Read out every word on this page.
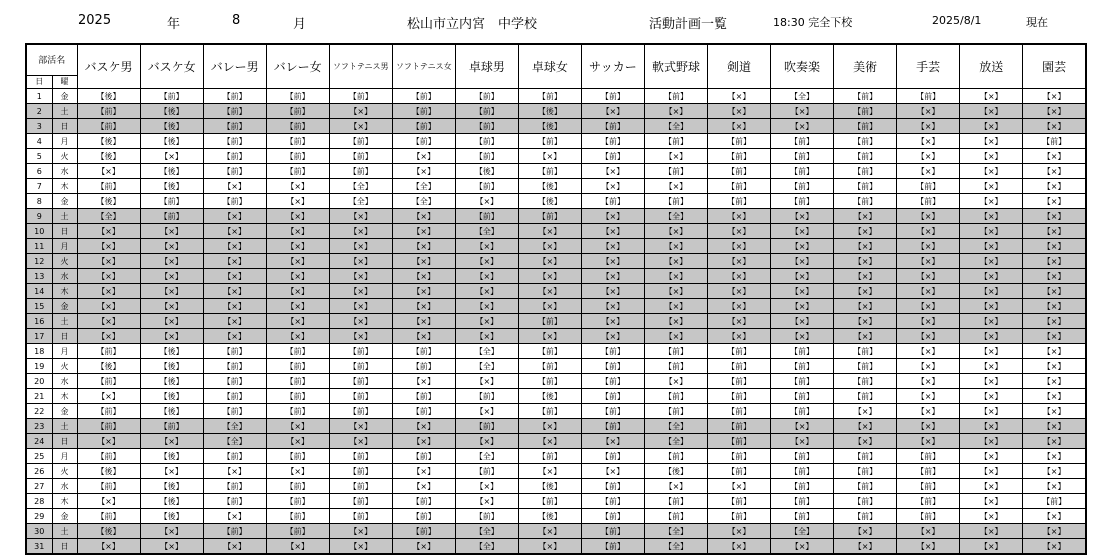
2025	年	8	月	松山市立内宮　中学校	活動計画一覧	18:30 完全下校	2025/8/1	現在
部活名		バスケ男	バスケ女	バレー男	バレー女	ソフトテニス男	ソフトテニス女	卓球男	卓球女	サッカー	軟式野球	剣道	吹奏楽	美術	手芸	放送	園芸
日	曜																
1	金	【後】	【前】	【前】	【前】	【前】	【前】	【前】	【前】	【前】	【前】	【×】	【全】	【前】	【前】	【×】	【×】
2	土	【前】	【後】	【前】	【前】	【×】	【前】	【前】	【後】	【×】	【×】	【×】	【×】	【前】	【×】	【×】	【×】
3	日	【前】	【後】	【前】	【前】	【×】	【前】	【前】	【後】	【前】	【全】	【×】	【×】	【前】	【×】	【×】	【×】
4	月	【後】	【後】	【前】	【前】	【前】	【前】	【前】	【前】	【前】	【前】	【前】	【前】	【前】	【×】	【×】	【前】
5	火	【後】	【×】	【前】	【前】	【前】	【×】	【前】	【×】	【前】	【×】	【前】	【前】	【前】	【×】	【×】	【×】
6	水	【×】	【後】	【前】	【前】	【前】	【×】	【後】	【前】	【×】	【前】	【前】	【前】	【前】	【×】	【×】	【×】
7	木	【前】	【後】	【×】	【×】	【全】	【全】	【前】	【後】	【×】	【×】	【前】	【前】	【前】	【前】	【×】	【×】
8	金	【後】	【前】	【前】	【×】	【全】	【全】	【×】	【後】	【前】	【前】	【前】	【前】	【前】	【前】	【×】	【×】
9	土	【全】	【前】	【×】	【×】	【×】	【×】	【前】	【前】	【×】	【全】	【×】	【×】	【×】	【×】	【×】	【×】
10	日	【×】	【×】	【×】	【×】	【×】	【×】	【全】	【×】	【×】	【×】	【×】	【×】	【×】	【×】	【×】	【×】
11	月	【×】	【×】	【×】	【×】	【×】	【×】	【×】	【×】	【×】	【×】	【×】	【×】	【×】	【×】	【×】	【×】
12	火	【×】	【×】	【×】	【×】	【×】	【×】	【×】	【×】	【×】	【×】	【×】	【×】	【×】	【×】	【×】	【×】
13	水	【×】	【×】	【×】	【×】	【×】	【×】	【×】	【×】	【×】	【×】	【×】	【×】	【×】	【×】	【×】	【×】
14	木	【×】	【×】	【×】	【×】	【×】	【×】	【×】	【×】	【×】	【×】	【×】	【×】	【×】	【×】	【×】	【×】
15	金	【×】	【×】	【×】	【×】	【×】	【×】	【×】	【×】	【×】	【×】	【×】	【×】	【×】	【×】	【×】	【×】
16	土	【×】	【×】	【×】	【×】	【×】	【×】	【×】	【前】	【×】	【×】	【×】	【×】	【×】	【×】	【×】	【×】
17	日	【×】	【×】	【×】	【×】	【×】	【×】	【×】	【×】	【×】	【×】	【×】	【×】	【×】	【×】	【×】	【×】
18	月	【前】	【後】	【前】	【前】	【前】	【前】	【全】	【前】	【前】	【前】	【前】	【前】	【前】	【×】	【×】	【×】
19	火	【後】	【後】	【前】	【前】	【前】	【前】	【全】	【前】	【前】	【前】	【前】	【前】	【前】	【×】	【×】	【×】
20	水	【前】	【後】	【前】	【前】	【前】	【×】	【×】	【前】	【前】	【×】	【前】	【前】	【前】	【×】	【×】	【×】
21	木	【×】	【後】	【前】	【前】	【前】	【前】	【前】	【後】	【前】	【前】	【前】	【前】	【前】	【×】	【×】	【×】
22	金	【前】	【後】	【前】	【前】	【前】	【前】	【×】	【前】	【前】	【前】	【前】	【前】	【×】	【×】	【×】	【×】
23	土	【前】	【前】	【全】	【×】	【×】	【×】	【前】	【×】	【前】	【全】	【前】	【×】	【×】	【×】	【×】	【×】
24	日	【×】	【×】	【全】	【×】	【×】	【×】	【×】	【×】	【×】	【全】	【前】	【×】	【×】	【×】	【×】	【×】
25	月	【前】	【後】	【前】	【前】	【前】	【前】	【全】	【前】	【前】	【前】	【前】	【前】	【前】	【前】	【×】	【×】
26	火	【後】	【×】	【×】	【×】	【前】	【×】	【前】	【×】	【×】	【後】	【前】	【前】	【前】	【前】	【×】	【×】
27	水	【前】	【後】	【前】	【前】	【前】	【×】	【×】	【後】	【前】	【×】	【×】	【前】	【前】	【前】	【×】	【×】
28	木	【×】	【後】	【前】	【前】	【前】	【前】	【×】	【前】	【前】	【前】	【前】	【前】	【前】	【前】	【×】	【前】
29	金	【前】	【後】	【×】	【前】	【前】	【前】	【前】	【後】	【前】	【前】	【前】	【前】	【前】	【前】	【×】	【×】
30	土	【後】	【×】	【前】	【前】	【×】	【前】	【全】	【×】	【前】	【全】	【×】	【全】	【×】	【×】	【×】	【×】
31	日	【×】	【×】	【×】	【×】	【×】	【×】	【全】	【×】	【前】	【全】	【×】	【×】	【×】	【×】	【×】	【×】
